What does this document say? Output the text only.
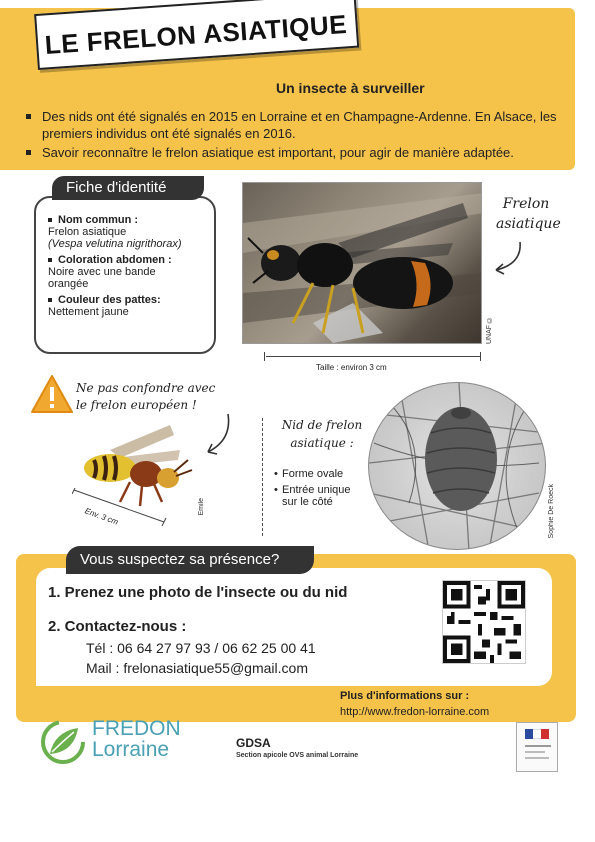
LE FRELON ASIATIQUE
Un insecte à surveiller
Des nids ont été signalés en 2015 en Lorraine et en Champagne-Ardenne. En Alsace, les premiers individus ont été signalés en 2016.
Savoir reconnaître le frelon asiatique est important, pour agir de manière adaptée.
Nom commun :
Frelon asiatique
(Vespa velutina nigrithorax)
Coloration abdomen :
Noire avec une bande orangée
Couleur des pattes:
Nettement jaune
Fiche d'identité
UNAF ©
Frelon asiatique
Taille : environ 3 cm
Ne pas confondre avec
le frelon européen !
Env. 3 cm	Emile
Nid de frelon
asiatique :
• Forme ovale
• Entrée unique sur le côté	Sophie De Roeck
Vous suspectez sa présence?
1. Prenez une photo de l'insecte ou du nid
2. Contactez-nous :
Tél : 06 64 27 97 93 / 06 62 25 00 41
Mail : frelonasiatique55@gmail.com
Plus d'informations sur :
http://www.fredon-lorraine.com
FREDON
Lorraine	GDSA
Section apicole OVS animal Lorraine
